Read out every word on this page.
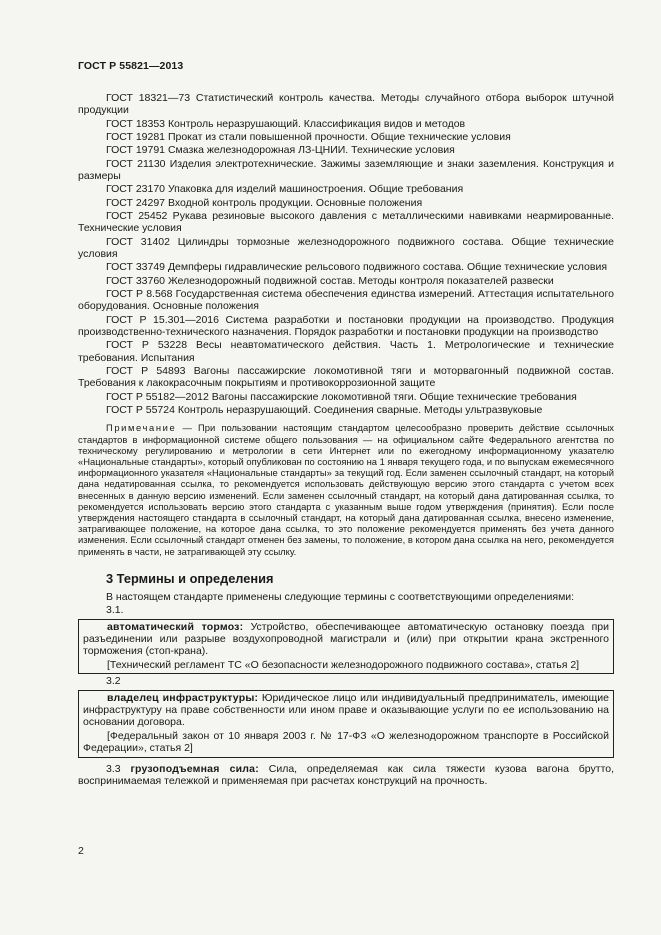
ГОСТ Р 55821—2013
ГОСТ 18321—73 Статистический контроль качества. Методы случайного отбора выборок штучной продукции
ГОСТ 18353 Контроль неразрушающий. Классификация видов и методов
ГОСТ 19281 Прокат из стали повышенной прочности. Общие технические условия
ГОСТ 19791 Смазка железнодорожная ЛЗ-ЦНИИ. Технические условия
ГОСТ 21130 Изделия электротехнические. Зажимы заземляющие и знаки заземления. Конструкция и размеры
ГОСТ 23170 Упаковка для изделий машиностроения. Общие требования
ГОСТ 24297 Входной контроль продукции. Основные положения
ГОСТ 25452 Рукава резиновые высокого давления с металлическими навивками неармированные. Технические условия
ГОСТ 31402 Цилиндры тормозные железнодорожного подвижного состава. Общие технические условия
ГОСТ 33749 Демпферы гидравлические рельсового подвижного состава. Общие технические условия
ГОСТ 33760 Железнодорожный подвижной состав. Методы контроля показателей развески
ГОСТ Р 8.568 Государственная система обеспечения единства измерений. Аттестация испытательного оборудования. Основные положения
ГОСТ Р 15.301—2016 Система разработки и постановки продукции на производство. Продукция производственно-технического назначения. Порядок разработки и постановки продукции на производство
ГОСТ Р 53228 Весы неавтоматического действия. Часть 1. Метрологические и технические требования. Испытания
ГОСТ Р 54893 Вагоны пассажирские локомотивной тяги и моторвагонный подвижной состав. Требования к лакокрасочным покрытиям и противокоррозионной защите
ГОСТ Р 55182—2012 Вагоны пассажирские локомотивной тяги. Общие технические требования
ГОСТ Р 55724 Контроль неразрушающий. Соединения сварные. Методы ультразвуковые
Примечание — При пользовании настоящим стандартом целесообразно проверить действие ссылочных стандартов в информационной системе общего пользования — на официальном сайте Федерального агентства по техническому регулированию и метрологии в сети Интернет или по ежегодному информационному указателю «Национальные стандарты», который опубликован по состоянию на 1 января текущего года, и по выпускам ежемесячного информационного указателя «Национальные стандарты» за текущий год. Если заменен ссылочный стандарт, на который дана недатированная ссылка, то рекомендуется использовать действующую версию этого стандарта с учетом всех внесенных в данную версию изменений. Если заменен ссылочный стандарт, на который дана датированная ссылка, то рекомендуется использовать версию этого стандарта с указанным выше годом утверждения (принятия). Если после утверждения настоящего стандарта в ссылочный стандарт, на который дана датированная ссылка, внесено изменение, затрагивающее положение, на которое дана ссылка, то это положение рекомендуется применять без учета данного изменения. Если ссылочный стандарт отменен без замены, то положение, в котором дана ссылка на него, рекомендуется применять в части, не затрагивающей эту ссылку.
3 Термины и определения
В настоящем стандарте применены следующие термины с соответствующими определениями:
3.1.
автоматический тормоз: Устройство, обеспечивающее автоматическую остановку поезда при разъединении или разрыве воздухопроводной магистрали и (или) при открытии крана экстренного торможения (стоп-крана).
[Технический регламент ТС «О безопасности железнодорожного подвижного состава», статья 2]
3.2
владелец инфраструктуры: Юридическое лицо или индивидуальный предприниматель, имеющие инфраструктуру на праве собственности или ином праве и оказывающие услуги по ее использованию на основании договора.
[Федеральный закон от 10 января 2003 г. № 17-ФЗ «О железнодорожном транспорте в Российской Федерации», статья 2]
3.3 грузоподъемная сила: Сила, определяемая как сила тяжести кузова вагона брутто, воспринимаемая тележкой и применяемая при расчетах конструкций на прочность.
2
